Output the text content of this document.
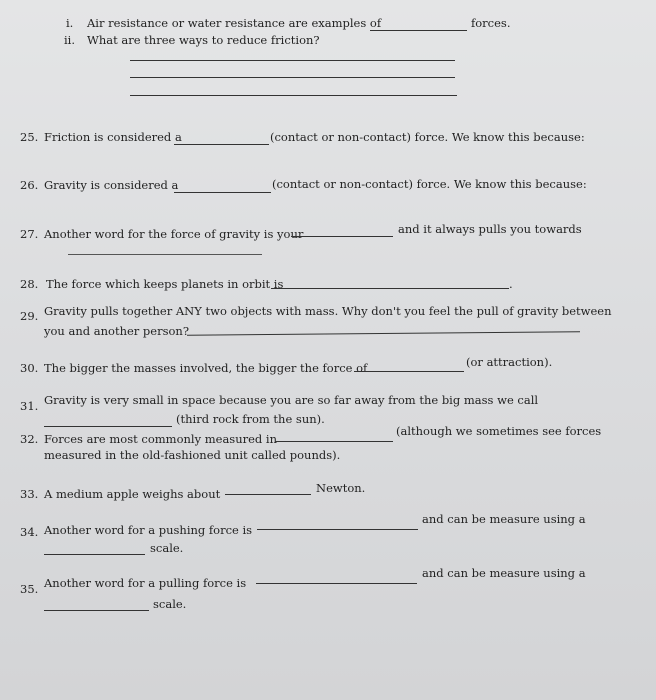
i. Air resistance or water resistance are examples of	forces.
ii. What are three ways to reduce friction?
25. Friction is considered a	(contact or non-contact) force. We know this because:
26. Gravity is considered a	(contact or non-contact) force. We know this because:
27. Another word for the force of gravity is your	and it always pulls you towards
28. The force which keeps planets in orbit is	.
29. Gravity pulls together ANY two objects with mass. Why don't you feel the pull of gravity between
you and another person?
30. The bigger the masses involved, the bigger the force of	(or attraction).
31. Gravity is very small in space because you are so far away from the big mass we call
(third rock from the sun).
32. Forces are most commonly measured in
(although we sometimes see forces
measured in the old-fashioned unit called pounds).
33. A medium apple weighs about	Newton.
34. Another word for a pushing force is
and can be measure using a
scale.
35. Another word for a pulling force is
and can be measure using a
scale.
